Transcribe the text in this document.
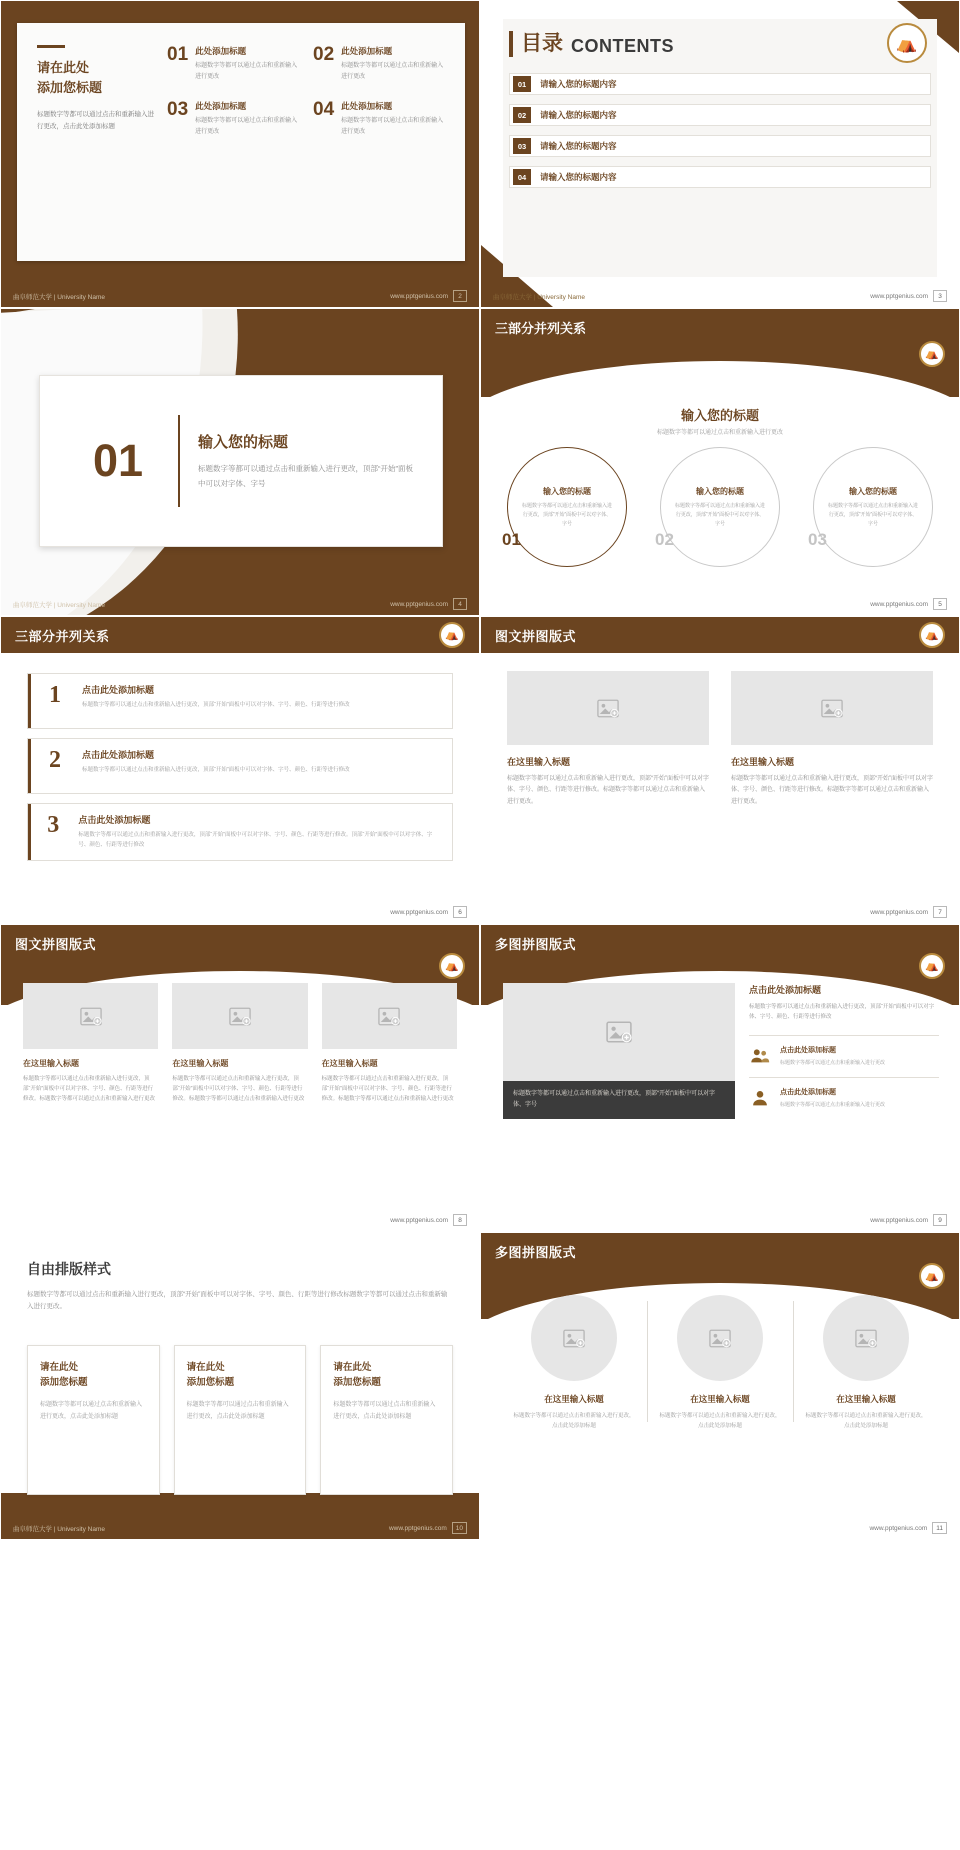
请在此处
添加您标题
标题数字等都可以通过点击和重新输入进行更改，点击此处添加标题
01 此处添加标题
标题数字等都可以通过点击和重新输入进行更改
02 此处添加标题
标题数字等都可以通过点击和重新输入进行更改
03 此处添加标题
标题数字等都可以通过点击和重新输入进行更改
04 此处添加标题
标题数字等都可以通过点击和重新输入进行更改
曲阜师范大学 | University Name	www.pptgenius.com	2
目录 CONTENTS	⛺
01	请输入您的标题内容
02	请输入您的标题内容
03	请输入您的标题内容
04	请输入您的标题内容
曲阜师范大学 | University Name	www.pptgenius.com	3
01	输入您的标题
标题数字等都可以通过点击和重新输入进行更改，顶部“开始”面板中可以对字体、字号
曲阜师范大学 | University Name	www.pptgenius.com	4
三部分并列关系
⛺
输入您的标题
标题数字等都可以通过点击和重新输入进行更改
01
输入您的标题
标题数字等都可以通过点击和重新输入进行更改，顶部“开始”面板中可以对字体、字号
02
输入您的标题
标题数字等都可以通过点击和重新输入进行更改，顶部“开始”面板中可以对字体、字号
03
输入您的标题
标题数字等都可以通过点击和重新输入进行更改，顶部“开始”面板中可以对字体、字号
www.pptgenius.com	5
三部分并列关系	⛺
1	点击此处添加标题
标题数字等都可以通过点击和重新输入进行更改，顶部“开始”面板中可以对字体、字号、颜色、行距等进行修改
2	点击此处添加标题
标题数字等都可以通过点击和重新输入进行更改，顶部“开始”面板中可以对字体、字号、颜色、行距等进行修改
3	点击此处添加标题
标题数字等都可以通过点击和重新输入进行更改，顶部“开始”面板中可以对字体、字号、颜色、行距等进行修改。顶部“开始”面板中可以对字体、字号、颜色、行距等进行修改
www.pptgenius.com	6
图文拼图版式	⛺
在这里输入标题
标题数字等都可以通过点击和重新输入进行更改，顶部“开始”面板中可以对字体、字号、颜色、行距等进行修改。标题数字等都可以通过点击和重新输入进行更改。
在这里输入标题
标题数字等都可以通过点击和重新输入进行更改，顶部“开始”面板中可以对字体、字号、颜色、行距等进行修改。标题数字等都可以通过点击和重新输入进行更改。
www.pptgenius.com	7
图文拼图版式
⛺
在这里输入标题
标题数字等都可以通过点击和重新输入进行更改，顶部“开始”面板中可以对字体、字号、颜色、行距等进行修改。标题数字等都可以通过点击和重新输入进行更改
在这里输入标题
标题数字等都可以通过点击和重新输入进行更改，顶部“开始”面板中可以对字体、字号、颜色、行距等进行修改。标题数字等都可以通过点击和重新输入进行更改
在这里输入标题
标题数字等都可以通过点击和重新输入进行更改，顶部“开始”面板中可以对字体、字号、颜色、行距等进行修改。标题数字等都可以通过点击和重新输入进行更改
www.pptgenius.com	8
多图拼图版式
⛺
标题数字等都可以通过点击和重新输入进行更改，顶部“开始”面板中可以对字体、字号
点击此处添加标题
标题数字等都可以通过点击和重新输入进行更改，顶部“开始”面板中可以对字体、字号、颜色、行距等进行修改
点击此处添加标题
标题数字等都可以通过点击和重新输入进行更改
点击此处添加标题
标题数字等都可以通过点击和重新输入进行更改
www.pptgenius.com	9
自由排版样式
标题数字等都可以通过点击和重新输入进行更改，顶部“开始”面板中可以对字体、字号、颜色、行距等进行修改标题数字等都可以通过点击和重新输入进行更改。
请在此处
添加您标题
标题数字等都可以通过点击和重新输入进行更改，点击此处添加标题
请在此处
添加您标题
标题数字等都可以通过点击和重新输入进行更改，点击此处添加标题
请在此处
添加您标题
标题数字等都可以通过点击和重新输入进行更改，点击此处添加标题
曲阜师范大学 | University Name	www.pptgenius.com	10
多图拼图版式
⛺
在这里输入标题
标题数字等都可以通过点击和重新输入进行更改，点击此处添加标题
在这里输入标题
标题数字等都可以通过点击和重新输入进行更改，点击此处添加标题
在这里输入标题
标题数字等都可以通过点击和重新输入进行更改，点击此处添加标题
www.pptgenius.com	11
